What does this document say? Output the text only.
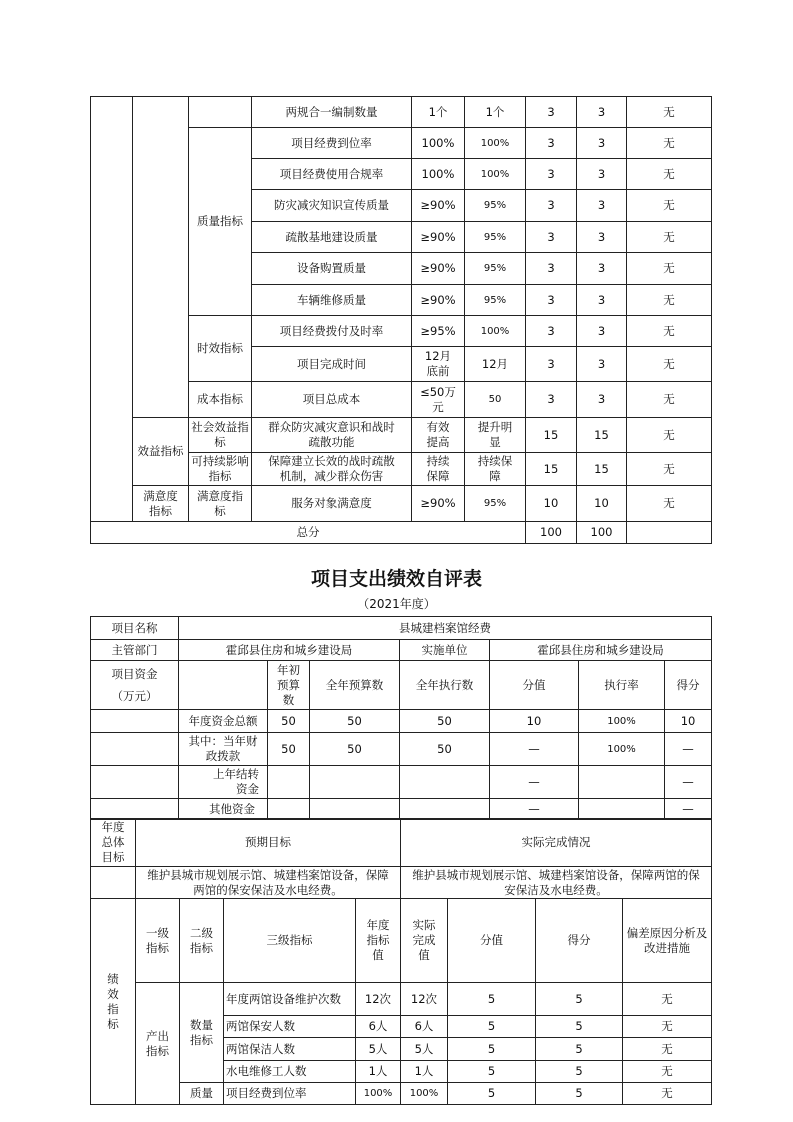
			两规合一编制数量	1个	1个	3	3	无
		质量指标	项目经费到位率	100%	100%	3	3	无
			项目经费使用合规率	100%	100%	3	3	无
			防灾减灾知识宣传质量	≥90%	95%	3	3	无
			疏散基地建设质量	≥90%	95%	3	3	无
			设备购置质量	≥90%	95%	3	3	无
			车辆维修质量	≥90%	95%	3	3	无
		时效指标	项目经费拨付及时率	≥95%	100%	3	3	无
			项目完成时间	12月底前	12月	3	3	无
		成本指标	项目总成本	≤50万元	50	3	3	无
	效益指标	社会效益指标	群众防灾减灾意识和战时疏散功能	有效提高	提升明显	15	15	无
		可持续影响指标	保障建立长效的战时疏散机制，减少群众伤害	持续保障	持续保障	15	15	无
	满意度指标	满意度指标	服务对象满意度	≥90%	95%	10	10	无
总分						100	100	
项目支出绩效自评表
（2021年度）
项目名称	县城建档案馆经费						
主管部门	霍邱县住房和城乡建设局			实施单位	霍邱县住房和城乡建设局		
项目资金（万元）		年初预算数	全年预算数	全年执行数	分值	执行率	得分
	年度资金总额	50	50	50	10	100%	10
	其中：当年财政拨款	50	50	50	—	100%	—
	上年结转资金				—		—
	其他资金				—		—
年度总体目标	预期目标				实际完成情况			
	维护县城市规划展示馆、城建档案馆设备，保障两馆的保安保洁及水电经费。				维护县城市规划展示馆、城建档案馆设备，保障两馆的保安保洁及水电经费。			
绩效指标	一级指标	二级指标	三级指标	年度指标值	实际完成值	分值	得分	偏差原因分析及改进措施
	产出指标	数量指标	年度两馆设备维护次数	12次	12次	5	5	无
			两馆保安人数	6人	6人	5	5	无
			两馆保洁人数	5人	5人	5	5	无
			水电维修工人数	1人	1人	5	5	无
		质量	项目经费到位率	100%	100%	5	5	无
